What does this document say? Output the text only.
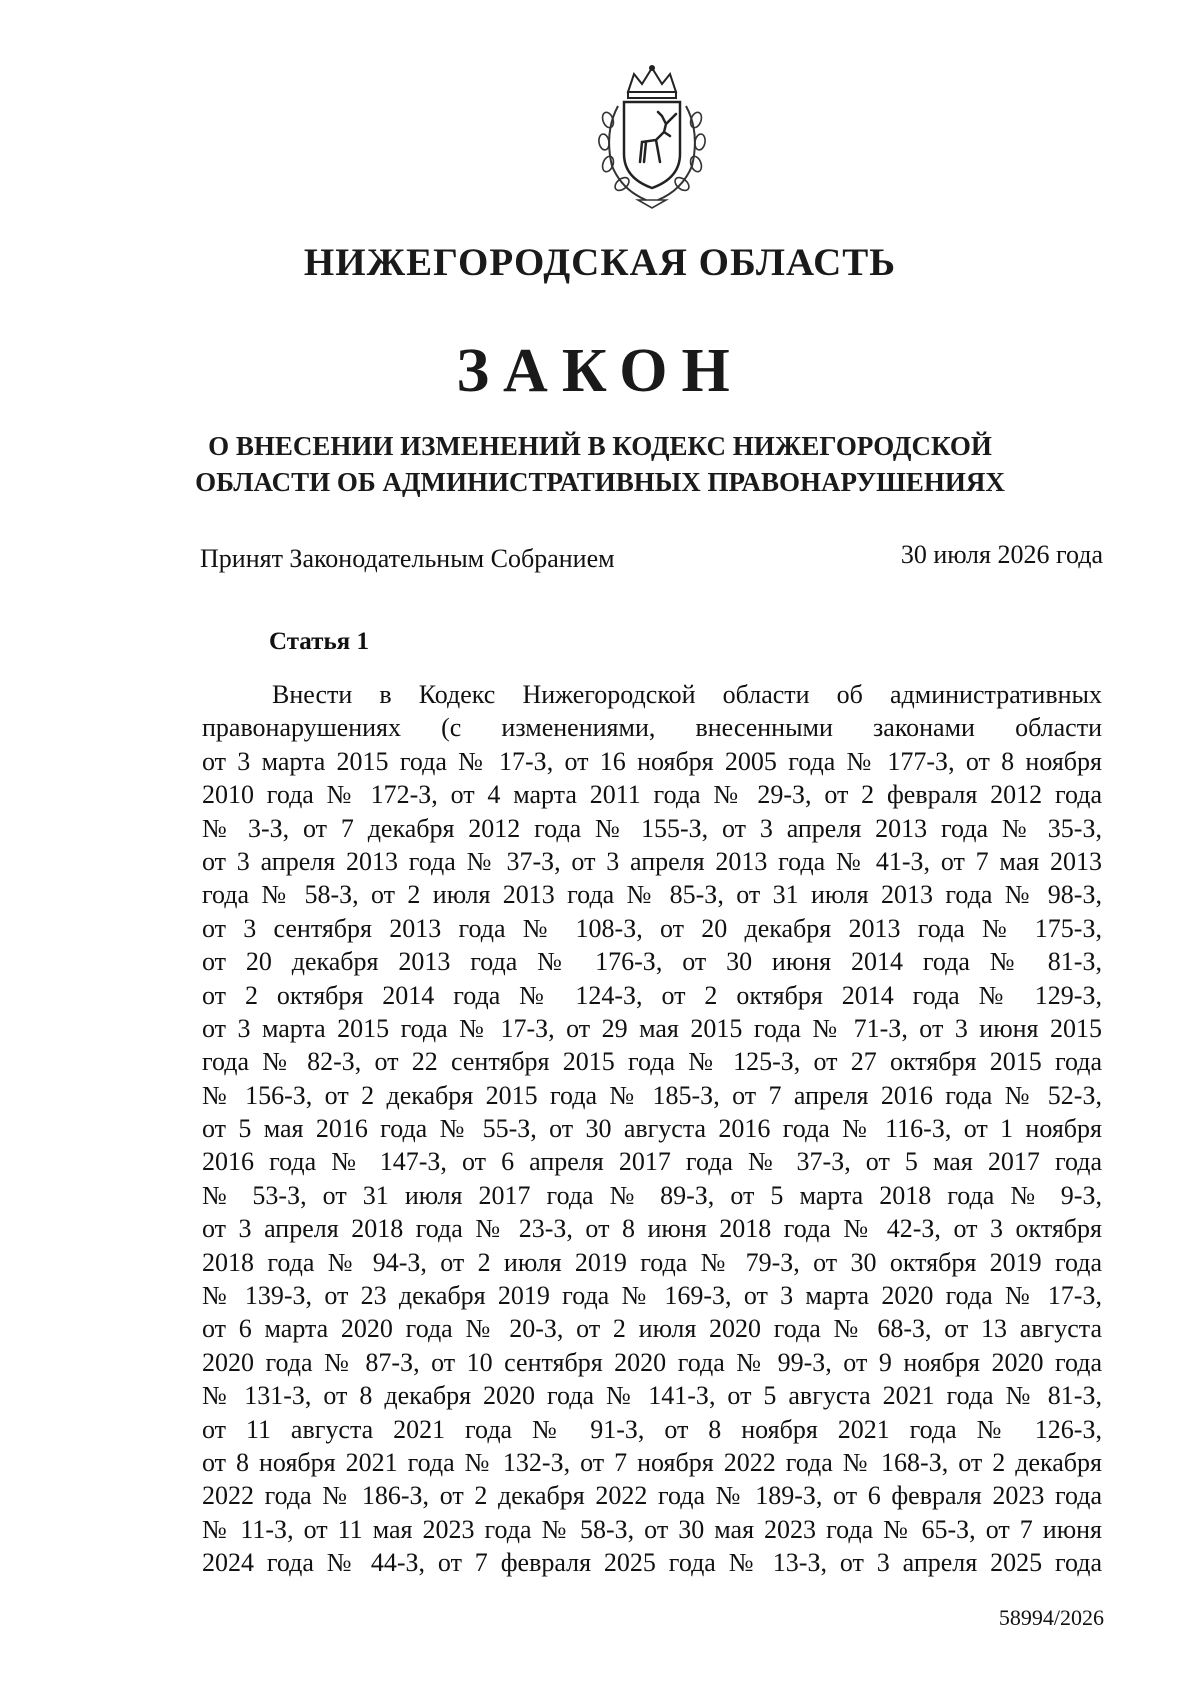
НИЖЕГОРОДСКАЯ ОБЛАСТЬ
ЗАКОН
О ВНЕСЕНИИ ИЗМЕНЕНИЙ В КОДЕКС НИЖЕГОРОДСКОЙ
ОБЛАСТИ ОБ АДМИНИСТРАТИВНЫХ ПРАВОНАРУШЕНИЯХ
Принят Законодательным Собранием	30 июля 2026 года
Статья 1
Внести в Кодекс Нижегородской области об административных
правонарушениях (с изменениями, внесенными законами области
от 3 марта 2015 года № 17-З, от 16 ноября 2005 года № 177-З, от 8 ноября
2010 года № 172-З, от 4 марта 2011 года № 29-З, от 2 февраля 2012 года
№ 3-З, от 7 декабря 2012 года № 155-З, от 3 апреля 2013 года № 35-З,
от 3 апреля 2013 года № 37-З, от 3 апреля 2013 года № 41-З, от 7 мая 2013
года № 58-З, от 2 июля 2013 года № 85-З, от 31 июля 2013 года № 98-З,
от 3 сентября 2013 года № 108-З, от 20 декабря 2013 года № 175-З,
от 20 декабря 2013 года № 176-З, от 30 июня 2014 года № 81-З,
от 2 октября 2014 года № 124-З, от 2 октября 2014 года № 129-З,
от 3 марта 2015 года № 17-З, от 29 мая 2015 года № 71-З, от 3 июня 2015
года № 82-З, от 22 сентября 2015 года № 125-З, от 27 октября 2015 года
№ 156-З, от 2 декабря 2015 года № 185-З, от 7 апреля 2016 года № 52-З,
от 5 мая 2016 года № 55-З, от 30 августа 2016 года № 116-З, от 1 ноября
2016 года № 147-З, от 6 апреля 2017 года № 37-З, от 5 мая 2017 года
№ 53-З, от 31 июля 2017 года № 89-З, от 5 марта 2018 года № 9-З,
от 3 апреля 2018 года № 23-З, от 8 июня 2018 года № 42-З, от 3 октября
2018 года № 94-З, от 2 июля 2019 года № 79-З, от 30 октября 2019 года
№ 139-З, от 23 декабря 2019 года № 169-З, от 3 марта 2020 года № 17-З,
от 6 марта 2020 года № 20-З, от 2 июля 2020 года № 68-З, от 13 августа
2020 года № 87-З, от 10 сентября 2020 года № 99-З, от 9 ноября 2020 года
№ 131-З, от 8 декабря 2020 года № 141-З, от 5 августа 2021 года № 81-З,
от 11 августа 2021 года № 91-З, от 8 ноября 2021 года № 126-З,
от 8 ноября 2021 года № 132-З, от 7 ноября 2022 года № 168-З, от 2 декабря
2022 года № 186-З, от 2 декабря 2022 года № 189-З, от 6 февраля 2023 года
№ 11-З, от 11 мая 2023 года № 58-З, от 30 мая 2023 года № 65-З, от 7 июня
2024 года № 44-З, от 7 февраля 2025 года № 13-З, от 3 апреля 2025 года
58994/2026
